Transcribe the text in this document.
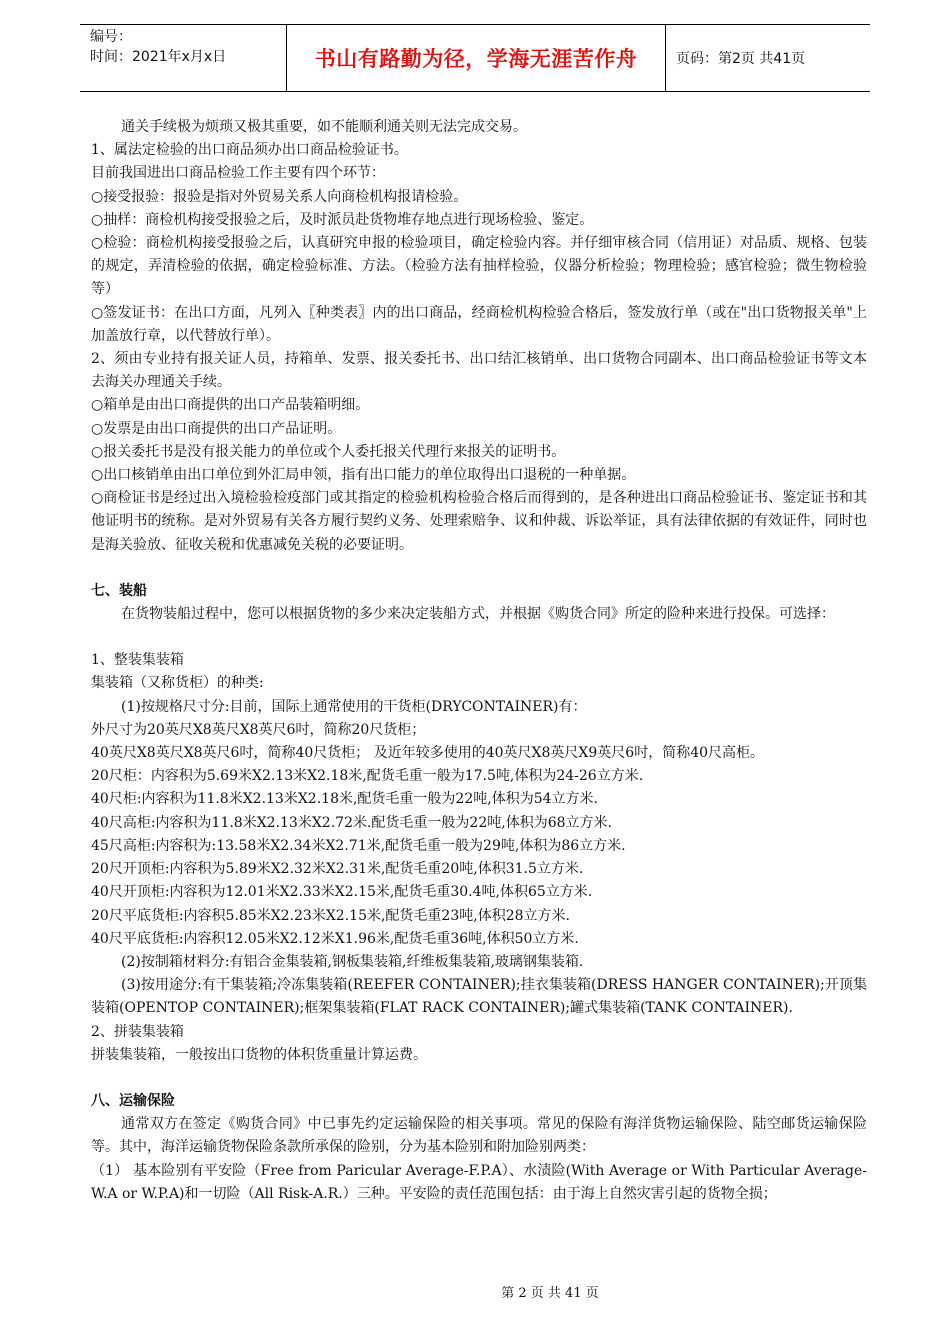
编号：
时间：2021年x月x日	书山有路勤为径，学海无涯苦作舟	页码：第2页 共41页

通关手续极为烦琐又极其重要，如不能顺利通关则无法完成交易。

1、属法定检验的出口商品须办出口商品检验证书。

目前我国进出口商品检验工作主要有四个环节：

○接受报验：报验是指对外贸易关系人向商检机构报请检验。

○抽样：商检机构接受报验之后，及时派员赴货物堆存地点进行现场检验、鉴定。

○检验：商检机构接受报验之后，认真研究申报的检验项目，确定检验内容。并仔细审核合同（信用证）对品质、规格、包装的规定，弄清检验的依据，确定检验标准、方法。（检验方法有抽样检验，仪器分析检验；物理检验；感官检验；微生物检验等）

○签发证书：在出口方面，凡列入〖种类表〗内的出口商品，经商检机构检验合格后，签发放行单（或在"出口货物报关单"上加盖放行章，以代替放行单）。

2、须由专业持有报关证人员，持箱单、发票、报关委托书、出口结汇核销单、出口货物合同副本、出口商品检验证书等文本去海关办理通关手续。

○箱单是由出口商提供的出口产品装箱明细。

○发票是由出口商提供的出口产品证明。

○报关委托书是没有报关能力的单位或个人委托报关代理行来报关的证明书。

○出口核销单由出口单位到外汇局申领，指有出口能力的单位取得出口退税的一种单据。

○商检证书是经过出入境检验检疫部门或其指定的检验机构检验合格后而得到的，是各种进出口商品检验证书、鉴定证书和其他证明书的统称。是对外贸易有关各方履行契约义务、处理索赔争、议和仲裁、诉讼举证，具有法律依据的有效证件，同时也是海关验放、征收关税和优惠减免关税的必要证明。

七、装船

在货物装船过程中，您可以根据货物的多少来决定装船方式，并根据《购货合同》所定的险种来进行投保。可选择：

1、整装集装箱

集装箱（又称货柜）的种类:

(1)按规格尺寸分:目前，国际上通常使用的干货柜(DRYCONTAINER)有：

外尺寸为20英尺X8英尺X8英尺6吋，简称20尺货柜；

40英尺X8英尺X8英尺6吋，简称40尺货柜； 及近年较多使用的40英尺X8英尺X9英尺6吋，简称40尺高柜。

20尺柜：内容积为5.69米X2.13米X2.18米,配货毛重一般为17.5吨,体积为24-26立方米.

40尺柜:内容积为11.8米X2.13米X2.18米,配货毛重一般为22吨,体积为54立方米.

40尺高柜:内容积为11.8米X2.13米X2.72米.配货毛重一般为22吨,体积为68立方米.

45尺高柜:内容积为:13.58米X2.34米X2.71米,配货毛重一般为29吨,体积为86立方米.

20尺开顶柜:内容积为5.89米X2.32米X2.31米,配货毛重20吨,体积31.5立方米.

40尺开顶柜:内容积为12.01米X2.33米X2.15米,配货毛重30.4吨,体积65立方米.

20尺平底货柜:内容积5.85米X2.23米X2.15米,配货毛重23吨,体积28立方米.

40尺平底货柜:内容积12.05米X2.12米X1.96米,配货毛重36吨,体积50立方米.

(2)按制箱材料分:有铝合金集装箱,钢板集装箱,纤维板集装箱,玻璃钢集装箱.

(3)按用途分:有干集装箱;冷冻集装箱(REEFER CONTAINER);挂衣集装箱(DRESS HANGER CONTAINER);开顶集装箱(OPENTOP CONTAINER);框架集装箱(FLAT RACK CONTAINER);罐式集装箱(TANK CONTAINER).

2、拼装集装箱

拼装集装箱，一般按出口货物的体积货重量计算运费。

八、运输保险

通常双方在签定《购货合同》中已事先约定运输保险的相关事项。常见的保险有海洋货物运输保险、陆空邮货运输保险等。其中，海洋运输货物保险条款所承保的险别，分为基本险别和附加险别两类：

（1） 基本险别有平安险（Free from Paricular Average-F.P.A）、水渍险(With Average or With Particular Average-W.A or W.P.A)和一切险（All Risk-A.R.）三种。平安险的责任范围包括：由于海上自然灾害引起的货物全损；

第 2 页 共 41 页
